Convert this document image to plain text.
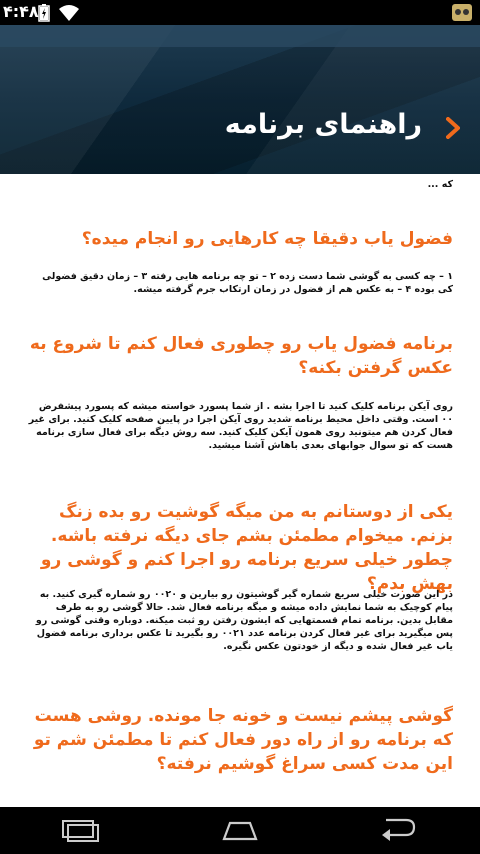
۴:۴۸
راهنمای برنامه

که ...

فضول یاب دقیقا چه کارهایی رو انجام میده؟

۱ – چه کسی به گوشی شما دست زده ۲ – تو چه برنامه هایی رفته ۳ – زمان دقیق فضولی کی بوده ۴ – به عکس هم از فضول در زمان ارتکاب جرم گرفته میشه.

برنامه فضول یاب رو چطوری فعال کنم تا شروع به عکس گرفتن بکنه؟

روی آیکن برنامه کلیک کنید تا اجرا بشه . از شما پسورد خواسته میشه که پسورد پیشفرض ۰۰ است. وقتی داخل محیط برنامه شدید روی آیکن اجرا در پایین صفحه کلیک کنید. برای غیر فعال کردن هم میتونید روی همون آیکن کلیک کنید. سه روش دیگه برای فعال سازی برنامه هست که تو سوال جوابهای بعدی باهاش آشنا میشید.

یکی از دوستانم به من میگه گوشیت رو بده زنگ بزنم. میخوام مطمئن بشم جای دیگه نرفته باشه. چطور خیلی سریع برنامه رو اجرا کنم و گوشی رو بهش بدم؟

در این صورت خیلی سریع شماره گیر گوشیتون رو بیارین و ۰۰۲۰ رو شماره گیری کنید. به پیام کوچیک به شما نمایش داده میشه و میگه برنامه فعال شد. حالا گوشی رو به طرف مقابل بدین. برنامه تمام قسمتهایی که ایشون رفتن رو ثبت میکنه. دوباره وقتی گوشی رو پس میگیرید برای غیر فعال کردن برنامه عدد ۰۰۲۱ رو بگیرید تا عکس برداری برنامه فضول یاب غیر فعال شده و دیگه از خودتون عکس نگیره.

گوشی پیشم نیست و خونه جا مونده. روشی هست که برنامه رو از راه دور فعال کنم تا مطمئن شم تو این مدت کسی سراغ گوشیم نرفته؟
